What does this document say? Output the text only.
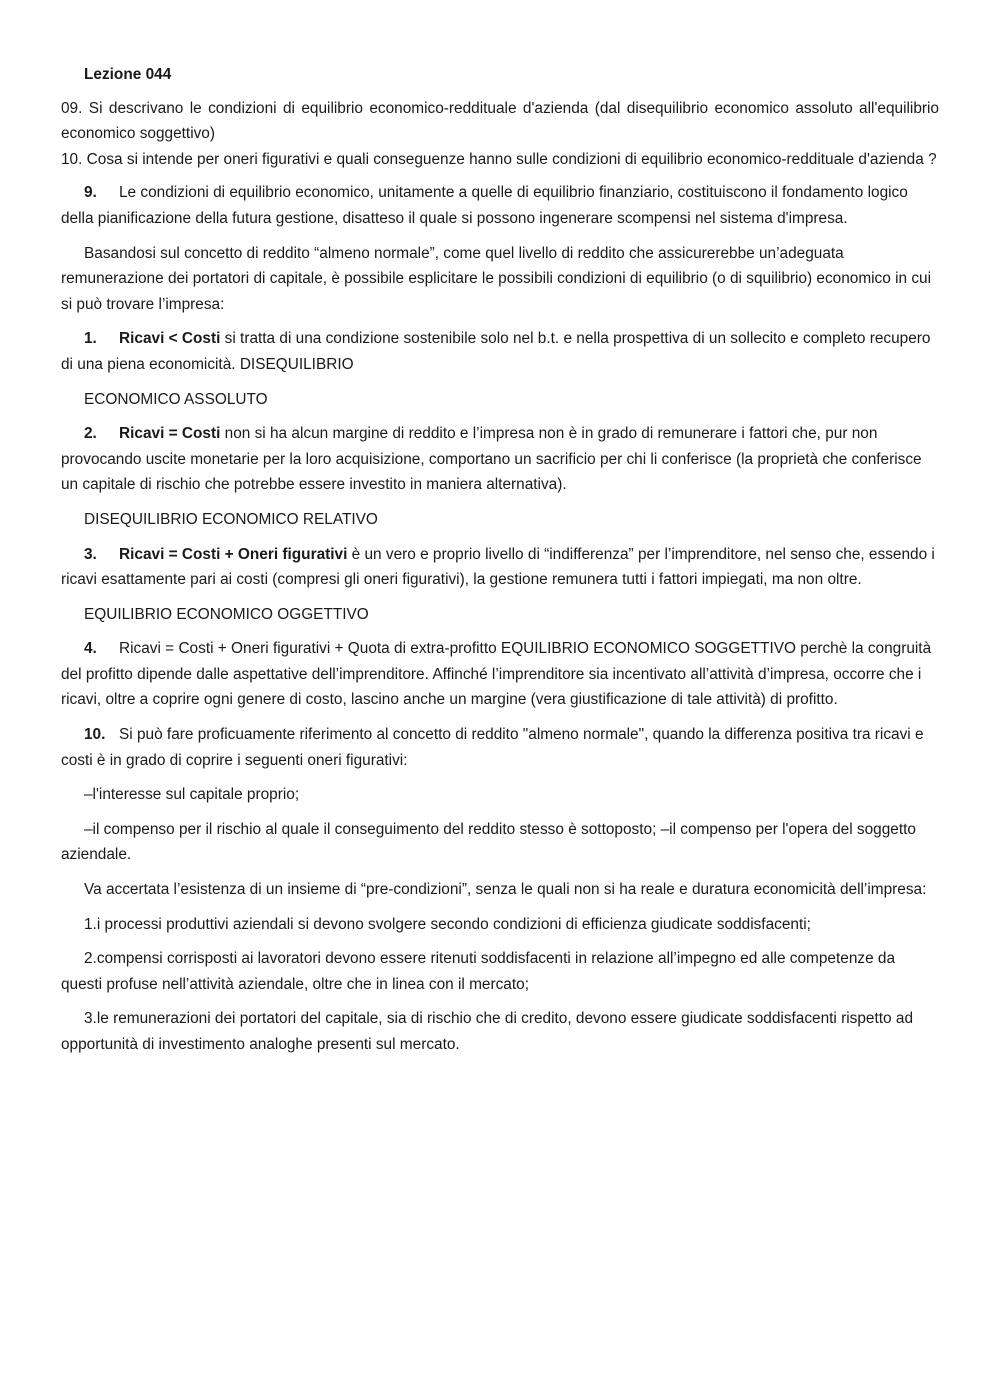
Lezione 044

09. Si descrivano le condizioni di equilibrio economico-reddituale d'azienda (dal disequilibrio economico assoluto all'equilibrio economico soggettivo)

10. Cosa si intende per oneri figurativi e quali conseguenze hanno sulle condizioni di equilibrio economico-reddituale d'azienda ?

9. Le condizioni di equilibrio economico, unitamente a quelle di equilibrio finanziario, costituiscono il fondamento logico della pianificazione della futura gestione, disatteso il quale si possono ingenerare scompensi nel sistema d'impresa.

Basandosi sul concetto di reddito “almeno normale”, come quel livello di reddito che assicurerebbe un’adeguata remunerazione dei portatori di capitale, è possibile esplicitare le possibili condizioni di equilibrio (o di squilibrio) economico in cui si può trovare l’impresa:

1. Ricavi < Costi si tratta di una condizione sostenibile solo nel b.t. e nella prospettiva di un sollecito e completo recupero di una piena economicità. DISEQUILIBRIO

ECONOMICO ASSOLUTO

2. Ricavi = Costi non si ha alcun margine di reddito e l’impresa non è in grado di remunerare i fattori che, pur non provocando uscite monetarie per la loro acquisizione, comportano un sacrificio per chi li conferisce (la proprietà che conferisce un capitale di rischio che potrebbe essere investito in maniera alternativa).

DISEQUILIBRIO ECONOMICO RELATIVO

3. Ricavi = Costi + Oneri figurativi è un vero e proprio livello di “indifferenza” per l’imprenditore, nel senso che, essendo i ricavi esattamente pari ai costi (compresi gli oneri figurativi), la gestione remunera tutti i fattori impiegati, ma non oltre.

EQUILIBRIO ECONOMICO OGGETTIVO

4. Ricavi = Costi + Oneri figurativi + Quota di extra-profitto EQUILIBRIO ECONOMICO SOGGETTIVO perchè la congruità del profitto dipende dalle aspettative dell’imprenditore. Affinché l’imprenditore sia incentivato all’attività d’impresa, occorre che i ricavi, oltre a coprire ogni genere di costo, lascino anche un margine (vera giustificazione di tale attività) di profitto.

10. Si può fare proficuamente riferimento al concetto di reddito "almeno normale", quando la differenza positiva tra ricavi e costi è in grado di coprire i seguenti oneri figurativi:

–l'interesse sul capitale proprio;

–il compenso per il rischio al quale il conseguimento del reddito stesso è sottoposto; –il compenso per l'opera del soggetto aziendale.

Va accertata l’esistenza di un insieme di “pre-condizioni”, senza le quali non si ha reale e duratura economicità dell’impresa:

1.i processi produttivi aziendali si devono svolgere secondo condizioni di efficienza giudicate soddisfacenti;

2.compensi corrisposti ai lavoratori devono essere ritenuti soddisfacenti in relazione all’impegno ed alle competenze da questi profuse nell’attività aziendale, oltre che in linea con il mercato;

3.le remunerazioni dei portatori del capitale, sia di rischio che di credito, devono essere giudicate soddisfacenti rispetto ad opportunità di investimento analoghe presenti sul mercato.
